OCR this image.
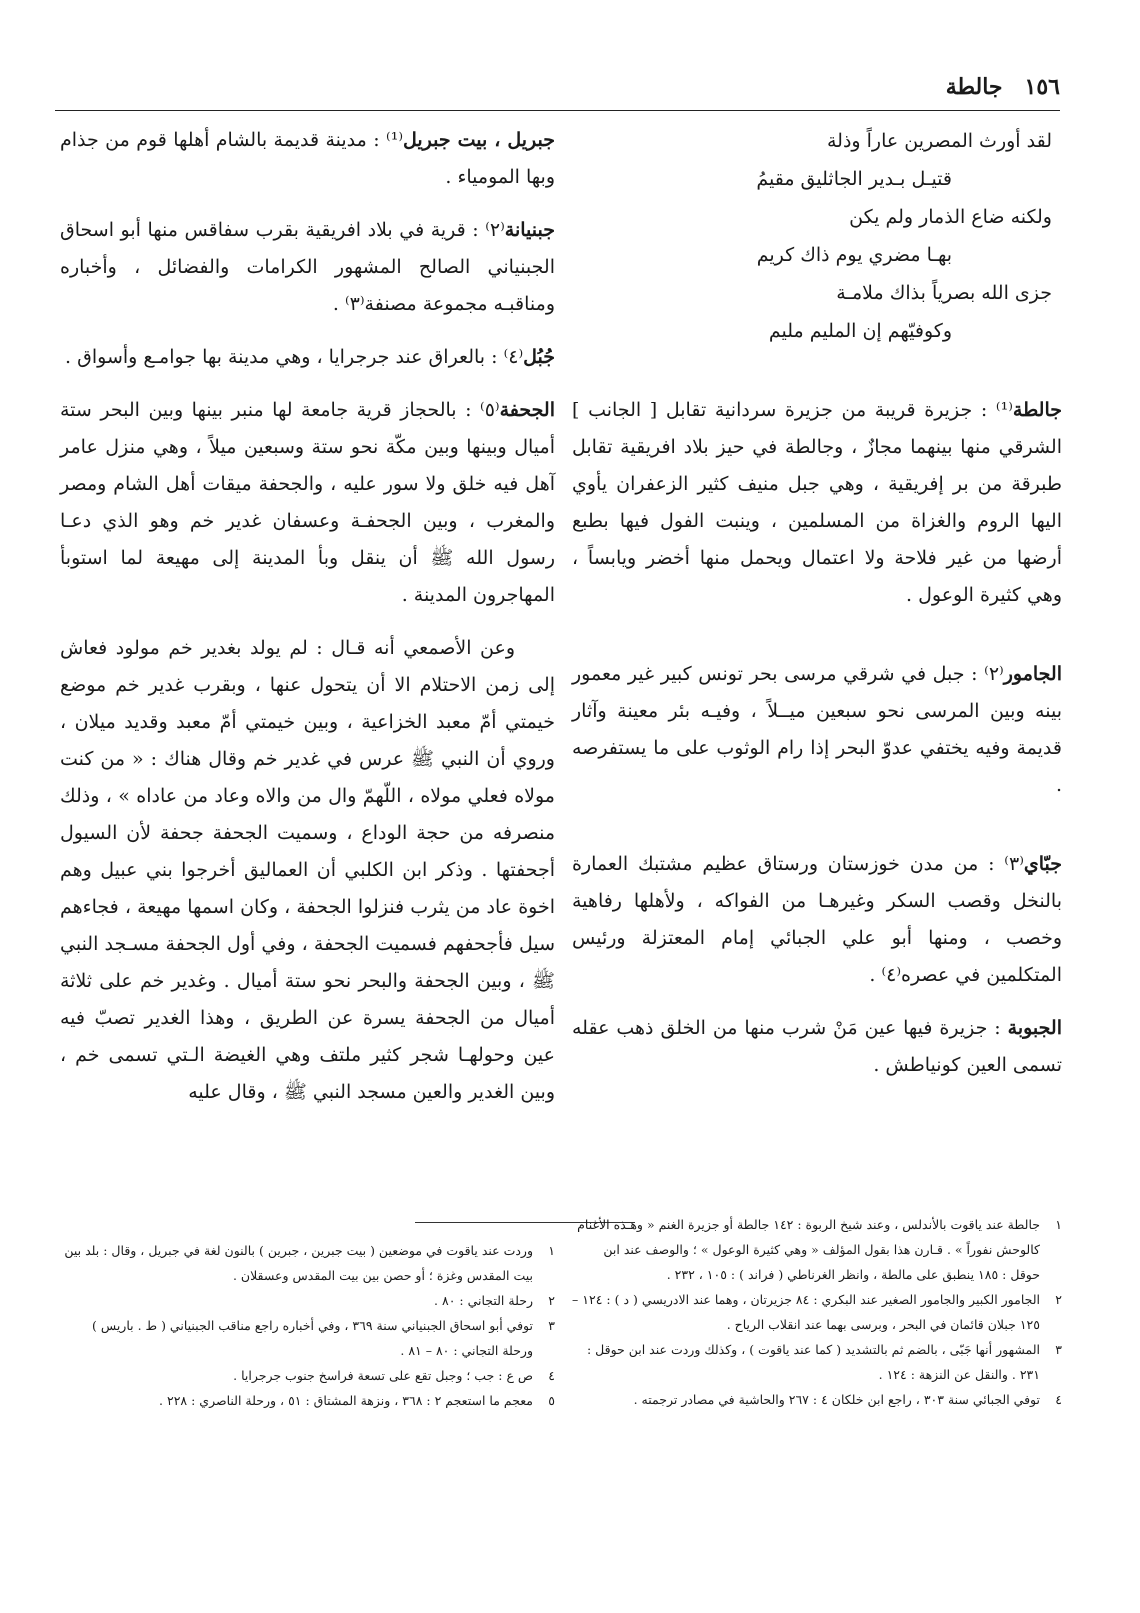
١٥٦
جالطة
لقد أورث المصرين عاراً وذلة
قتيـل بـدير الجاثليق مقيمُ
ولكنه ضاع الذمار ولم يكن
بهـا مضري يوم ذاك كريم
جزى الله بصرياً بذاك ملامـة
وكوفيّهم إن المليم مليم

جالطة⁽¹⁾ : جزيرة قريبة من جزيرة سردانية تقابل [ الجانب ] الشرقي منها بينهما مجازٌ ، وجالطة في حيز بلاد افريقية تقابل طبرقة من بر إفريقية ، وهي جبل منيف كثير الزعفران يأوي اليها الروم والغزاة من المسلمين ، وينبت الفول فيها بطبع أرضها من غير فلاحة ولا اعتمال ويحمل منها أخضر ويابساً ، وهي كثيرة الوعول .

الجامور⁽٢⁾ : جبل في شرقي مرسى بحر تونس كبير غير معمور بينه وبين المرسى نحو سبعين ميــلاً ، وفيـه بئر معينة وآثار قديمة وفيه يختفي عدوّ البحر إذا رام الوثوب على ما يستفرصه .

جبّاي⁽٣⁾ : من مدن خوزستان ورستاق عظيم مشتبك العمارة بالنخل وقصب السكر وغيرهـا من الفواكه ، ولأهلها رفاهية وخصب ، ومنها أبو علي الجبائي إمام المعتزلة ورئيس المتكلمين في عصره⁽٤⁾ .

الجبوبة : جزيرة فيها عين مَنْ شرب منها من الخلق ذهب عقله تسمى العين كونياطش .

جبريل ، بيت جبريل⁽¹⁾ : مدينة قديمة بالشام أهلها قوم من جذام وبها المومياء .

جبنيانة⁽٢⁾ : قرية في بلاد افريقية بقرب سفاقس منها أبو اسحاق الجبنياني الصالح المشهور الكرامات والفضائل ، وأخباره ومناقبـه مجموعة مصنفة⁽٣⁾ .

جُبُل⁽٤⁾ : بالعراق عند جرجرايا ، وهي مدينة بها جوامـع وأسواق .

الجحفة⁽٥⁾ : بالحجاز قرية جامعة لها منبر بينها وبين البحر ستة أميال وبينها وبين مكّة نحو ستة وسبعين ميلاً ، وهي منزل عامر آهل فيه خلق ولا سور عليه ، والجحفة ميقات أهل الشام ومصر والمغرب ، وبين الجحفـة وعسفان غدير خم وهو الذي دعـا رسول الله ﷺ أن ينقل وبأ المدينة إلى مهيعة لما استوبأ المهاجرون المدينة .

وعن الأصمعي أنه قـال : لم يولد بغدير خم مولود فعاش إلى زمن الاحتلام الا أن يتحول عنها ، وبقرب غدير خم موضع خيمتي أمّ معبد الخزاعية ، وبين خيمتي أمّ معبد وقديد ميلان ، وروي أن النبي ﷺ عرس في غدير خم وقال هناك : « من كنت مولاه فعلي مولاه ، اللّهمّ وال من والاه وعاد من عاداه » ، وذلك منصرفه من حجة الوداع ، وسميت الجحفة جحفة لأن السيول أجحفتها . وذكر ابن الكلبي أن العماليق أخرجوا بني عبيل وهم اخوة عاد من يثرب فنزلوا الجحفة ، وكان اسمها مهيعة ، فجاءهم سيل فأجحفهم فسميت الجحفة ، وفي أول الجحفة مسـجد النبي ﷺ ، وبين الجحفة والبحر نحو ستة أميال . وغدير خم على ثلاثة أميال من الجحفة يسرة عن الطريق ، وهذا الغدير تصبّ فيه عين وحولهـا شجر كثير ملتف وهي الغيضة الـتي تسمى خم ، وبين الغدير والعين مسجد النبي ﷺ ، وقال عليه

١
جالطة عند ياقوت بالأندلس ، وعند شيخ الربوة : ١٤٢ جالطة أو جزيرة الغنم « وهـذه الأغنام كالوحش نفوراً » . قـارن هذا بقول المؤلف « وهي كثيرة الوعول » ؛ والوصف عند ابن حوقل : ١٨٥ ينطبق على مالطة ، وانظر الغرناطي ( فراند ) : ١٠٥ ، ٢٣٢ .

٢
الجامور الكبير والجامور الصغير عند البكري : ٨٤ جزيرتان ، وهما عند الادريسي ( د ) : ١٢٤ – ١٢٥ جبلان قائمان في البحر ، وبرسى بهما عند انقلاب الرياح .

٣
المشهور أنها جَبّى ، بالضم ثم بالتشديد ( كما عند ياقوت ) ، وكذلك وردت عند ابن حوقل : ٢٣١ . والنقل عن النزهة : ١٢٤ .

٤
توفي الجبائي سنة ٣٠٣ ، راجع ابن خلكان ٤ : ٢٦٧ والحاشية في مصادر ترجمته .

١
وردت عند ياقوت في موضعين ( بيت جبرين ، جبرين ) بالنون لغة في جبريل ، وقال : بلد بين بيت المقدس وغزة ؛ أو حصن بين بيت المقدس وعسقلان .

٢
رحلة التجاني : ٨٠ .

٣
توفي أبو اسحاق الجبنياني سنة ٣٦٩ ، وفي أخباره راجع مناقب الجبنياني ( ط . باريس ) ورحلة التجاني : ٨٠ – ٨١ .

٤
ص ع : جب ؛ وجبل تقع على تسعة فراسخ جنوب جرجرايا .

٥
معجم ما استعجم ٢ : ٣٦٨ ، ونزهة المشتاق : ٥١ ، ورحلة الناصري : ٢٢٨ .
